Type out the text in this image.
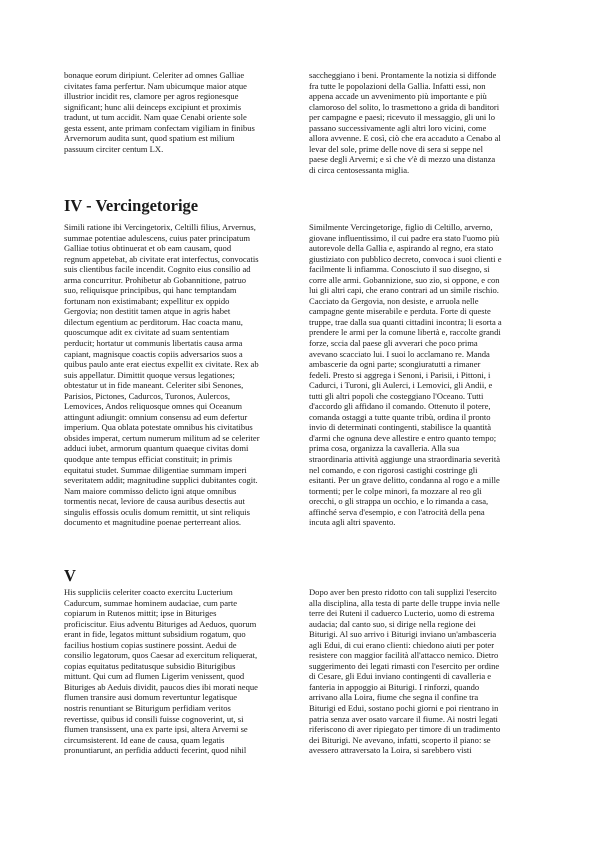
bonaque eorum diripiunt. Celeriter ad omnes Galliae
civitates fama perfertur. Nam ubicumque maior atque
illustrior incidit res, clamore per agros regionesque
significant; hunc alii deinceps excipiunt et proximis
tradunt, ut tum accidit. Nam quae Cenabi oriente sole
gesta essent, ante primam confectam vigiliam in finibus
Arvernorum audita sunt, quod spatium est milium
passuum circiter centum LX.
saccheggiano i beni. Prontamente la notizia si diffonde
fra tutte le popolazioni della Gallia. Infatti essi, non
appena accade un avvenimento più importante e più
clamoroso del solito, lo trasmettono a grida di banditori
per campagne e paesi; ricevuto il messaggio, gli uni lo
passano successivamente agli altri loro vicini, come
allora avvenne. E così, ciò che era accaduto a Cenabo al
levar del sole, prime delle nove di sera si seppe nel
paese degli Arverni; e sì che v'è di mezzo una distanza
di circa centosessanta miglia.
IV - Vercingetorige
Simili ratione ibi Vercingetorix, Celtilli filius, Arvernus,
summae potentiae adulescens, cuius pater principatum
Galliae totius obtinuerat et ob eam causam, quod
regnum appetebat, ab civitate erat interfectus, convocatis
suis clientibus facile incendit. Cognito eius consilio ad
arma concurritur. Prohibetur ab Gobannitione, patruo
suo, reliquisque principibus, qui hanc temptandam
fortunam non existimabant; expellitur ex oppido
Gergovia; non destitit tamen atque in agris habet
dilectum egentium ac perditorum. Hac coacta manu,
quoscumque adit ex civitate ad suam sententiam
perducit; hortatur ut communis libertatis causa arma
capiant, magnisque coactis copiis adversarios suos a
quibus paulo ante erat eiectus expellit ex civitate. Rex ab
suis appellatur. Dimittit quoque versus legationes;
obtestatur ut in fide maneant. Celeriter sibi Senones,
Parisios, Pictones, Cadurcos, Turonos, Aulercos,
Lemovices, Andos reliquosque omnes qui Oceanum
attingunt adiungit: omnium consensu ad eum defertur
imperium. Qua oblata potestate omnibus his civitatibus
obsides imperat, certum numerum militum ad se celeriter
adduci iubet, armorum quantum quaeque civitas domi
quodque ante tempus efficiat constituit; in primis
equitatui studet. Summae diligentiae summam imperi
severitatem addit; magnitudine supplici dubitantes cogit.
Nam maiore commisso delicto igni atque omnibus
tormentis necat, leviore de causa auribus desectis aut
singulis effossis oculis domum remittit, ut sint reliquis
documento et magnitudine poenae perterreant alios.
Similmente Vercingetorige, figlio di Celtillo, arverno,
giovane influentissimo, il cui padre era stato l'uomo più
autorevole della Gallia e, aspirando al regno, era stato
giustiziato con pubblico decreto, convoca i suoi clienti e
facilmente li infiamma. Conosciuto il suo disegno, si
corre alle armi. Gobannizione, suo zio, si oppone, e con
lui gli altri capi, che erano contrari ad un simile rischio.
Cacciato da Gergovia, non desiste, e arruola nelle
campagne gente miserabile e perduta. Forte di queste
truppe, trae dalla sua quanti cittadini incontra; li esorta a
prendere le armi per la comune libertà e, raccolte grandi
forze, sccia dal paese gli avverari che poco prima
avevano scacciato lui. I suoi lo acclamano re. Manda
ambascerie da ogni parte; scongiuratutti a rimaner
fedeli. Presto si aggrega i Senoni, i Parisii, i Pittoni, i
Cadurci, i Turoni, gli Aulerci, i Lemovici, gli Andii, e
tutti gli altri popoli che costeggiano l'Oceano. Tutti
d'accordo gli affidano il comando. Ottenuto il potere,
comanda ostaggi a tutte quante tribù, ordina il pronto
invio di determinati contingenti, stabilisce la quantità
d'armi che ognuna deve allestire e entro quanto tempo;
prima cosa, organizza la cavalleria. Alla sua
straordinaria attività aggiunge una straordinaria severità
nel comando, e con rigorosi castighi costringe gli
esitanti. Per un grave delitto, condanna al rogo e a mille
tormenti; per le colpe minori, fa mozzare al reo gli
orecchi, o gli strappa un occhio, e lo rimanda a casa,
affinché serva d'esempio, e con l'atrocità della pena
incuta agli altri spavento.
V
His suppliciis celeriter coacto exercitu Lucterium
Cadurcum, summae hominem audaciae, cum parte
copiarum in Rutenos mittit; ipse in Bituriges
proficiscitur. Eius adventu Bituriges ad Aeduos, quorum
erant in fide, legatos mittunt subsidium rogatum, quo
facilius hostium copias sustinere possint. Aedui de
consilio legatorum, quos Caesar ad exercitum reliquerat,
copias equitatus peditatusque subsidio Biturigibus
mittunt. Qui cum ad flumen Ligerim venissent, quod
Bituriges ab Aeduis dividit, paucos dies ibi morati neque
flumen transire ausi domum revertuntur legatisque
nostris renuntiant se Biturigum perfidiam veritos
revertisse, quibus id consili fuisse cognoverint, ut, si
flumen transissent, una ex parte ipsi, altera Arverni se
circumsisterent. Id eane de causa, quam legatis
pronuntiarunt, an perfidia adducti fecerint, quod nihil
Dopo aver ben presto ridotto con tali supplizi l'esercito
alla disciplina, alla testa di parte delle truppe invia nelle
terre dei Ruteni il caduerco Lucterio, uomo di estrema
audacia; dal canto suo, si dirige nella regione dei
Biturigi. Al suo arrivo i Biturigi inviano un'ambasceria
agli Edui, di cui erano clienti: chiedono aiuti per poter
resistere con maggior facilità all'attacco nemico. Dietro
suggerimento dei legati rimasti con l'esercito per ordine
di Cesare, gli Edui inviano contingenti di cavalleria e
fanteria in appoggio ai Biturigi. I rinforzi, quando
arrivano alla Loira, fiume che segna il confine tra
Biturigi ed Edui, sostano pochi giorni e poi rientrano in
patria senza aver osato varcare il fiume. Ai nostri legati
riferiscono di aver ripiegato per timore di un tradimento
dei Biturigi. Ne avevano, infatti, scoperto il piano: se
avessero attraversato la Loira, si sarebbero visti
